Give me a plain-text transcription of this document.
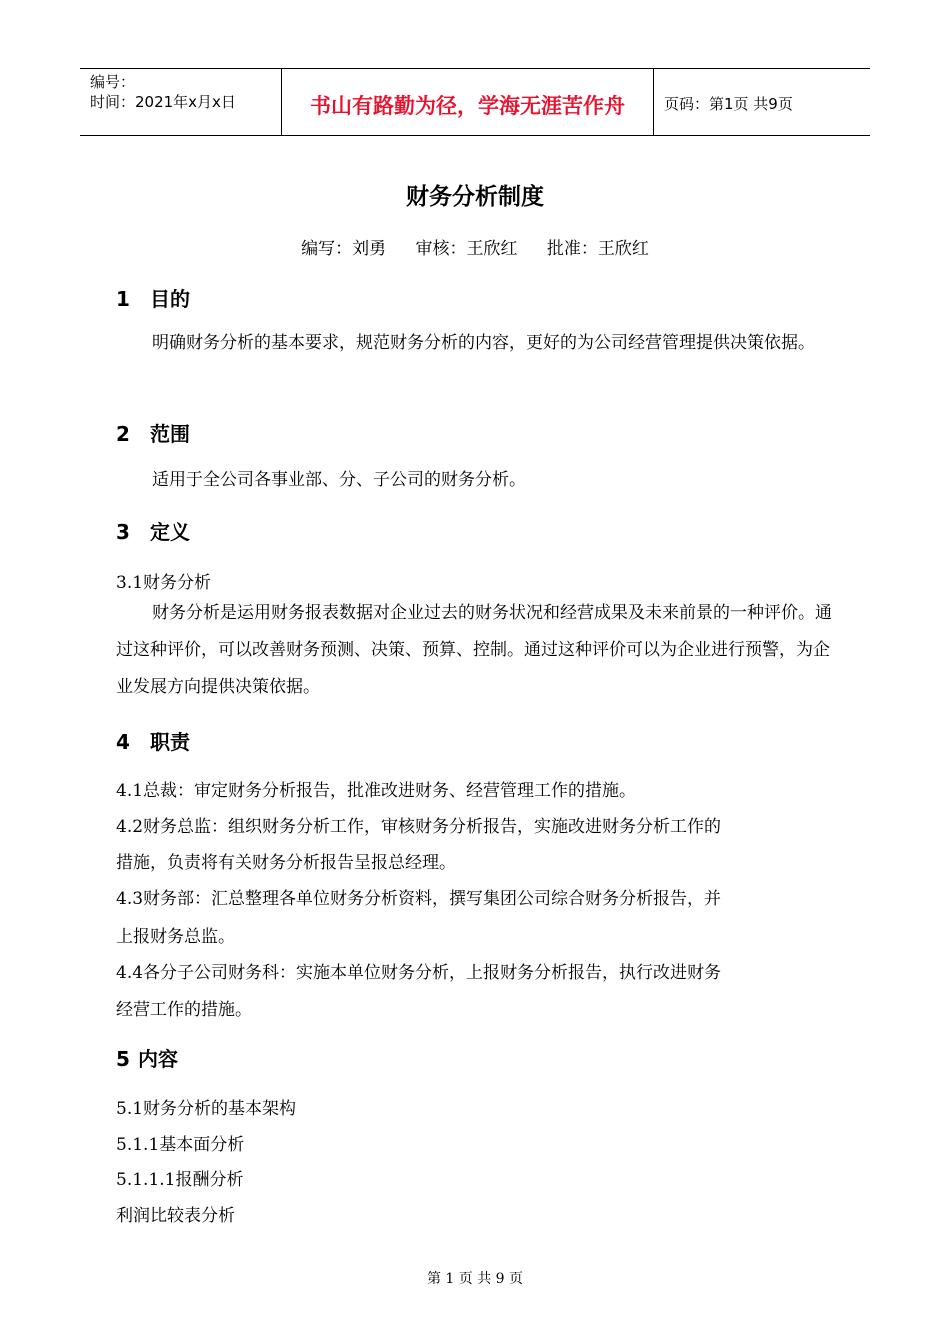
编号：
时间：2021年x月x日	书山有路勤为径，学海无涯苦作舟	页码：第1页 共9页
财务分析制度
编写：刘勇 审核：王欣红 批准：王欣红
1 目的
明确财务分析的基本要求，规范财务分析的内容，更好的为公司经营管理提供决策依据。
2 范围
适用于全公司各事业部、分、子公司的财务分析。
3 定义
3.1财务分析
财务分析是运用财务报表数据对企业过去的财务状况和经营成果及未来前景的一种评价。通过这种评价，可以改善财务预测、决策、预算、控制。通过这种评价可以为企业进行预警，为企业发展方向提供决策依据。
4 职责
4.1总裁：审定财务分析报告，批准改进财务、经营管理工作的措施。
4.2财务总监：组织财务分析工作，审核财务分析报告，实施改进财务分析工作的
措施，负责将有关财务分析报告呈报总经理。
4.3财务部：汇总整理各单位财务分析资料，撰写集团公司综合财务分析报告，并
上报财务总监。
4.4各分子公司财务科：实施本单位财务分析，上报财务分析报告，执行改进财务
经营工作的措施。
5 内容
5.1财务分析的基本架构
5.1.1基本面分析
5.1.1.1报酬分析
利润比较表分析
第 1 页 共 9 页
